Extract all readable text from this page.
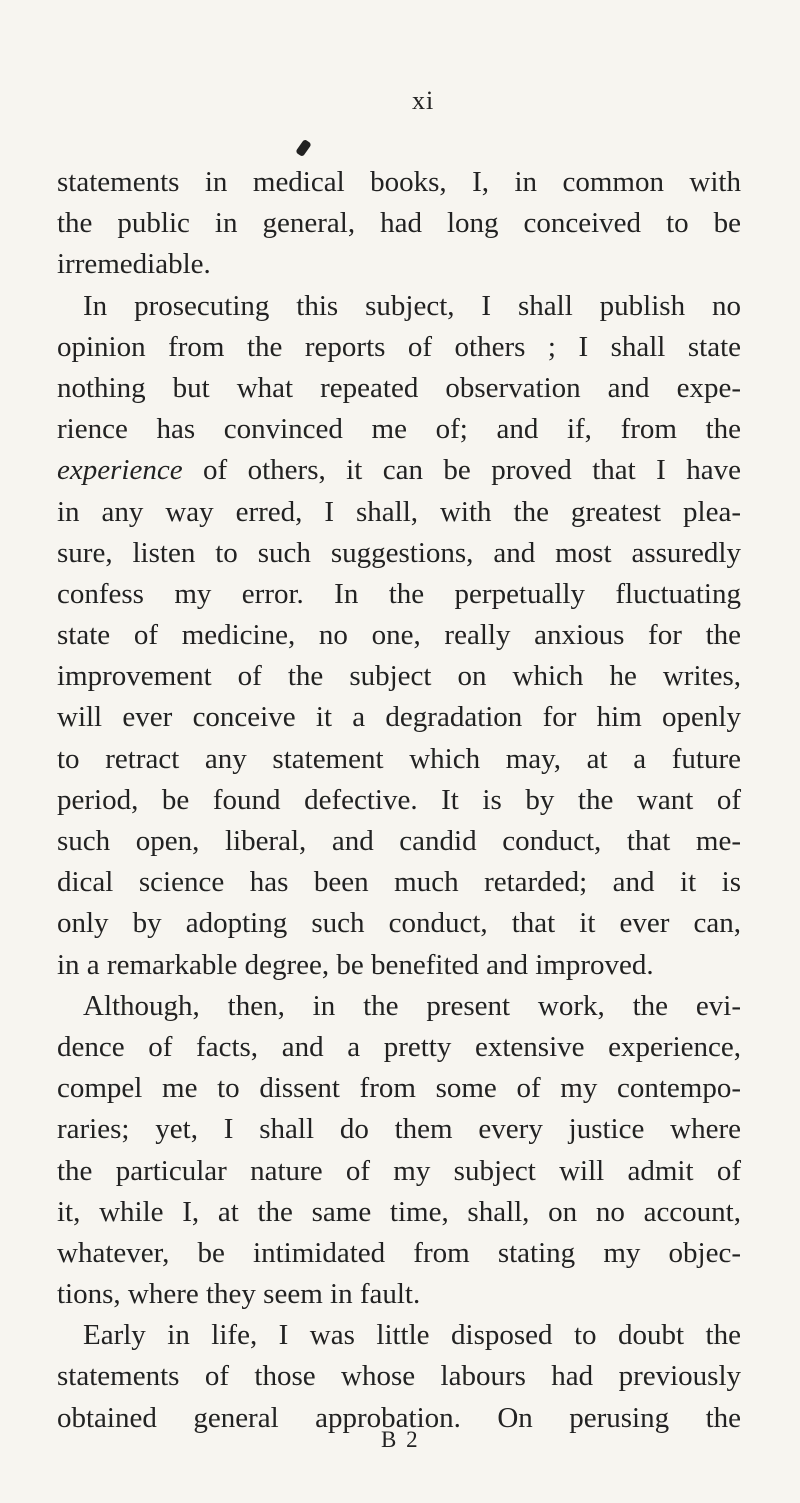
xi
statements in medical books, I, in common with
the public in general, had long conceived to be
irremediable.
In prosecuting this subject, I shall publish no
opinion from the reports of others ; I shall state
nothing but what repeated observation and expe-
rience has convinced me of; and if, from the
experience of others, it can be proved that I have
in any way erred, I shall, with the greatest plea-
sure, listen to such suggestions, and most assuredly
confess my error. In the perpetually fluctuating
state of medicine, no one, really anxious for the
improvement of the subject on which he writes,
will ever conceive it a degradation for him openly
to retract any statement which may, at a future
period, be found defective. It is by the want of
such open, liberal, and candid conduct, that me-
dical science has been much retarded; and it is
only by adopting such conduct, that it ever can,
in a remarkable degree, be benefited and improved.
Although, then, in the present work, the evi-
dence of facts, and a pretty extensive experience,
compel me to dissent from some of my contempo-
raries; yet, I shall do them every justice where
the particular nature of my subject will admit of
it, while I, at the same time, shall, on no account,
whatever, be intimidated from stating my objec-
tions, where they seem in fault.
Early in life, I was little disposed to doubt the
statements of those whose labours had previously
obtained general approbation. On perusing the
B 2
